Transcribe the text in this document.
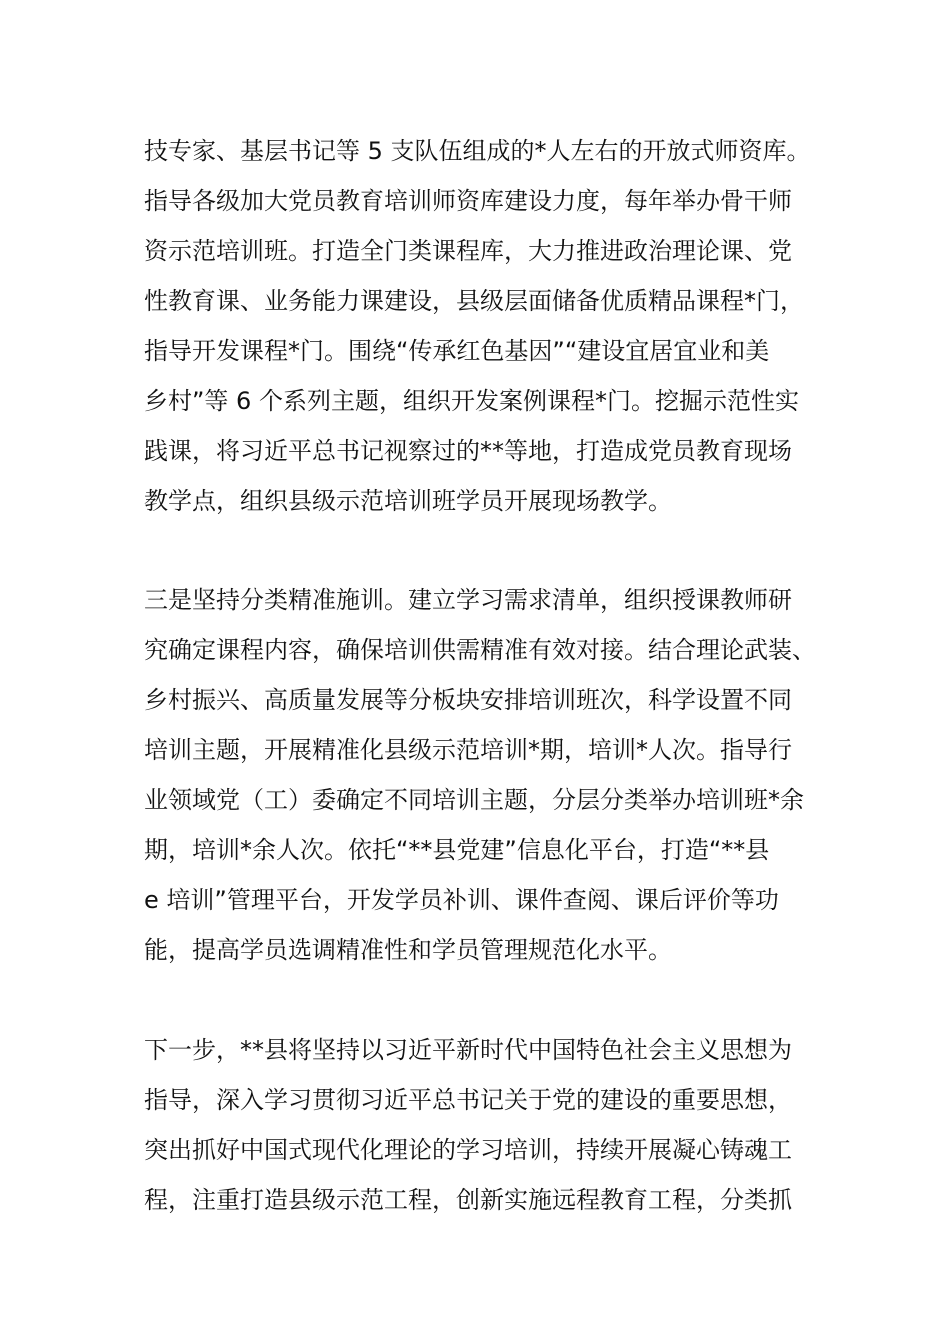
技专家、基层书记等 5 支队伍组成的*人左右的开放式师资库。
指导各级加大党员教育培训师资库建设力度，每年举办骨干师
资示范培训班。打造全门类课程库，大力推进政治理论课、党
性教育课、业务能力课建设，县级层面储备优质精品课程*门，
指导开发课程*门。围绕“传承红色基因”“建设宜居宜业和美
乡村”等 6 个系列主题，组织开发案例课程*门。挖掘示范性实
践课，将习近平总书记视察过的**等地，打造成党员教育现场
教学点，组织县级示范培训班学员开展现场教学。
三是坚持分类精准施训。建立学习需求清单，组织授课教师研
究确定课程内容，确保培训供需精准有效对接。结合理论武装、
乡村振兴、高质量发展等分板块安排培训班次，科学设置不同
培训主题，开展精准化县级示范培训*期，培训*人次。指导行
业领域党（工）委确定不同培训主题，分层分类举办培训班*余
期，培训*余人次。依托“**县党建”信息化平台，打造“**县
e 培训”管理平台，开发学员补训、课件查阅、课后评价等功
能，提高学员选调精准性和学员管理规范化水平。
下一步，**县将坚持以习近平新时代中国特色社会主义思想为
指导，深入学习贯彻习近平总书记关于党的建设的重要思想，
突出抓好中国式现代化理论的学习培训，持续开展凝心铸魂工
程，注重打造县级示范工程，创新实施远程教育工程，分类抓
